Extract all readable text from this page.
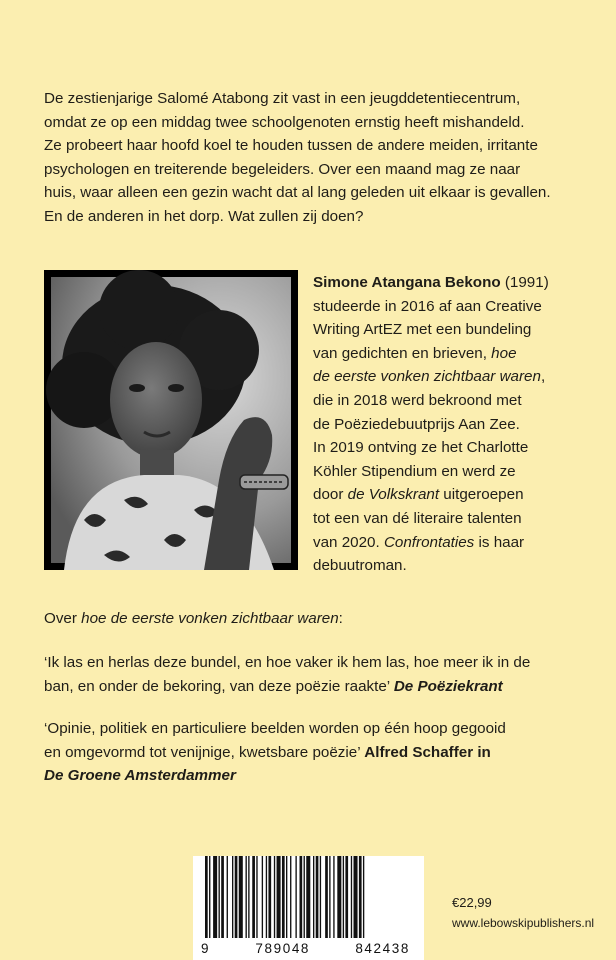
De zestienjarige Salomé Atabong zit vast in een jeugddetentiecentrum,
omdat ze op een middag twee schoolgenoten ernstig heeft mishandeld.
Ze probeert haar hoofd koel te houden tussen de andere meiden, irritante
psychologen en treiterende begeleiders. Over een maand mag ze naar
huis, waar alleen een gezin wacht dat al lang geleden uit elkaar is gevallen.
En de anderen in het dorp. Wat zullen zij doen?
Simone Atangana Bekono (1991)
studeerde in 2016 af aan Creative
Writing ArtEZ met een bundeling
van gedichten en brieven, hoe
de eerste vonken zichtbaar waren,
die in 2018 werd bekroond met
de Poëziedebuutprijs Aan Zee.
In 2019 ontving ze het Charlotte
Köhler Stipendium en werd ze
door de Volkskrant uitgeroepen
tot een van dé literaire talenten
van 2020. Confrontaties is haar
debuutroman.
Over hoe de eerste vonken zichtbaar waren:
‘Ik las en herlas deze bundel, en hoe vaker ik hem las, hoe meer ik in de
ban, en onder de bekoring, van deze poëzie raakte’ De Poëziekrant
‘Opinie, politiek en particuliere beelden worden op één hoop gegooid
en omgevormd tot venijnige, kwetsbare poëzie’ Alfred Schaffer in
De Groene Amsterdammer
9	789048	842438
€22,99
www.lebowskipublishers.nl
